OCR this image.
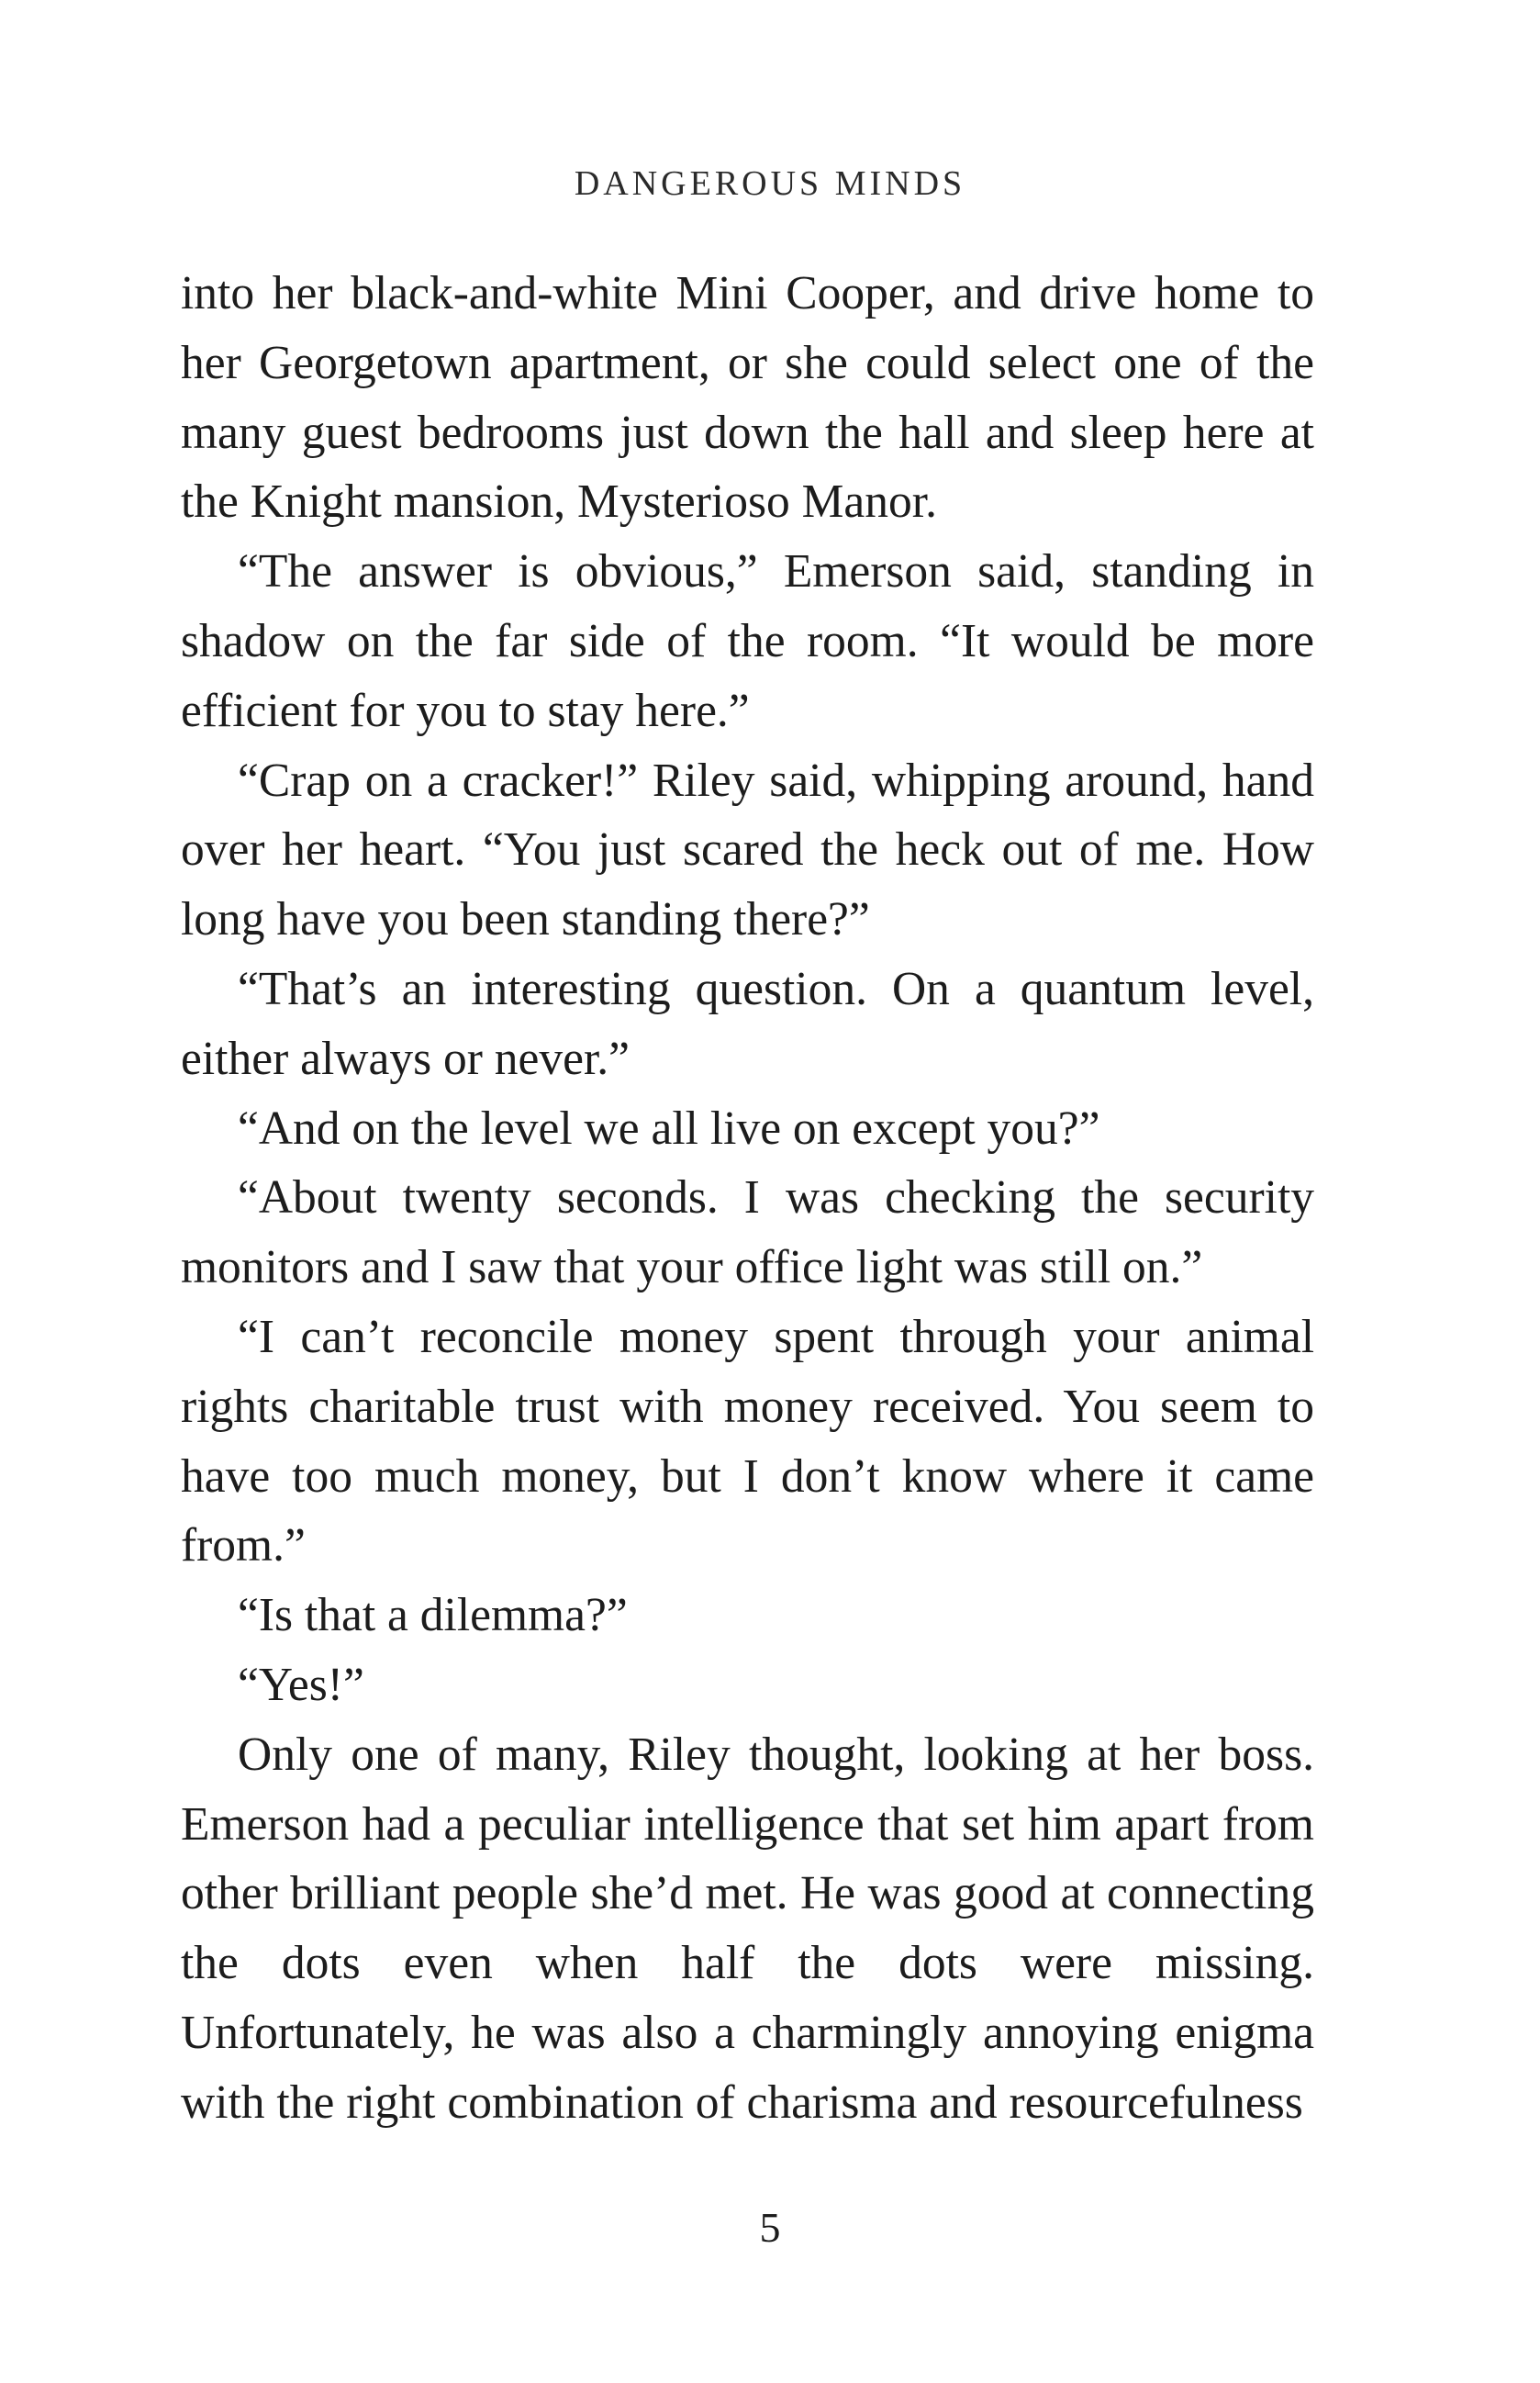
DANGEROUS MINDS

into her black-and-white Mini Cooper, and drive home to her Georgetown apartment, or she could select one of the many guest bedrooms just down the hall and sleep here at the Knight mansion, Mysterioso Manor.

“The answer is obvious,” Emerson said, standing in shadow on the far side of the room. “It would be more efficient for you to stay here.”

“Crap on a cracker!” Riley said, whipping around, hand over her heart. “You just scared the heck out of me. How long have you been standing there?”

“That’s an interesting question. On a quantum level, either always or never.”

“And on the level we all live on except you?”

“About twenty seconds. I was checking the security monitors and I saw that your office light was still on.”

“I can’t reconcile money spent through your animal rights charitable trust with money received. You seem to have too much money, but I don’t know where it came from.”

“Is that a dilemma?”

“Yes!”

Only one of many, Riley thought, looking at her boss. Emerson had a peculiar intelligence that set him apart from other brilliant people she’d met. He was good at connecting the dots even when half the dots were missing. Unfortunately, he was also a charmingly annoying enigma with the right combination of charisma and resourcefulness

5
